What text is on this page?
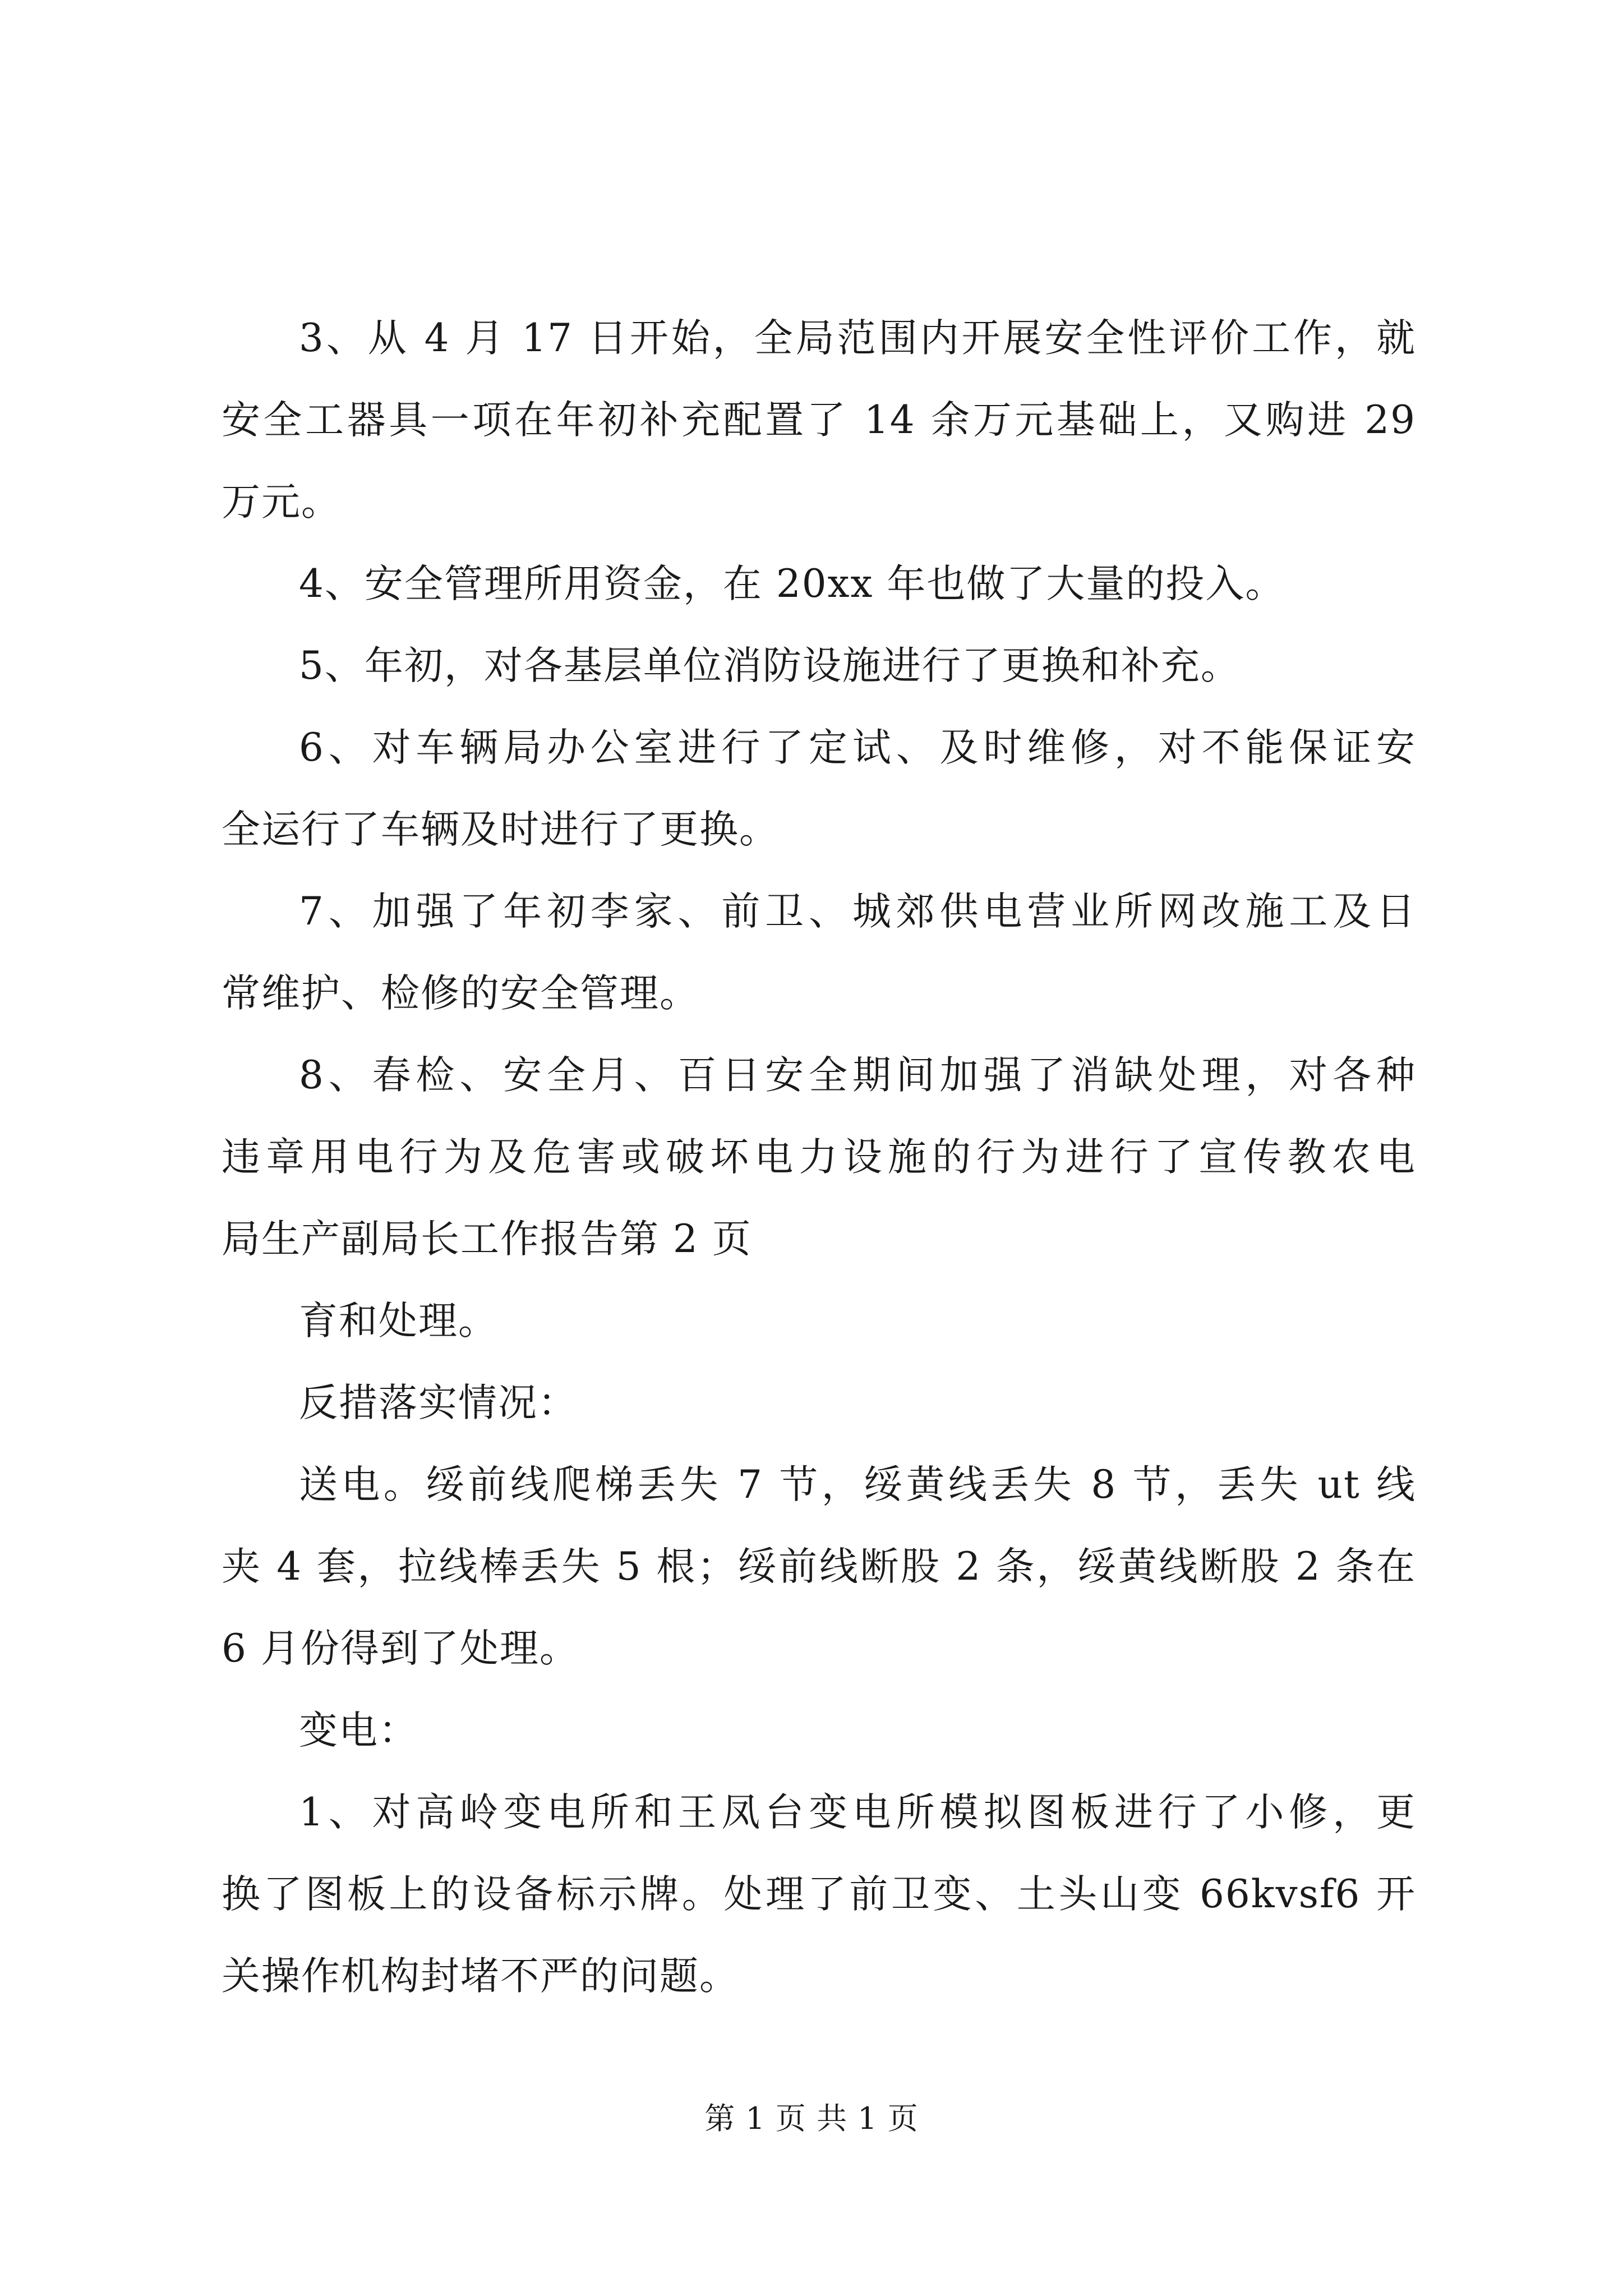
3、从 4 月 17 日开始，全局范围内开展安全性评价工作，就
安全工器具一项在年初补充配置了 14 余万元基础上，又购进 29
万元。
4、安全管理所用资金，在 20xx 年也做了大量的投入。
5、年初，对各基层单位消防设施进行了更换和补充。
6、对车辆局办公室进行了定试、及时维修，对不能保证安
全运行了车辆及时进行了更换。
7、加强了年初李家、前卫、城郊供电营业所网改施工及日
常维护、检修的安全管理。
8、春检、安全月、百日安全期间加强了消缺处理，对各种
违章用电行为及危害或破坏电力设施的行为进行了宣传教农电
局生产副局长工作报告第 2 页
育和处理。
反措落实情况：
送电。绥前线爬梯丢失 7 节，绥黄线丢失 8 节，丢失 ut 线
夹 4 套，拉线棒丢失 5 根；绥前线断股 2 条，绥黄线断股 2 条在
6 月份得到了处理。
变电：
1、对高岭变电所和王凤台变电所模拟图板进行了小修，更
换了图板上的设备标示牌。处理了前卫变、土头山变 66kvsf6 开
关操作机构封堵不严的问题。
第 1 页 共 1 页
